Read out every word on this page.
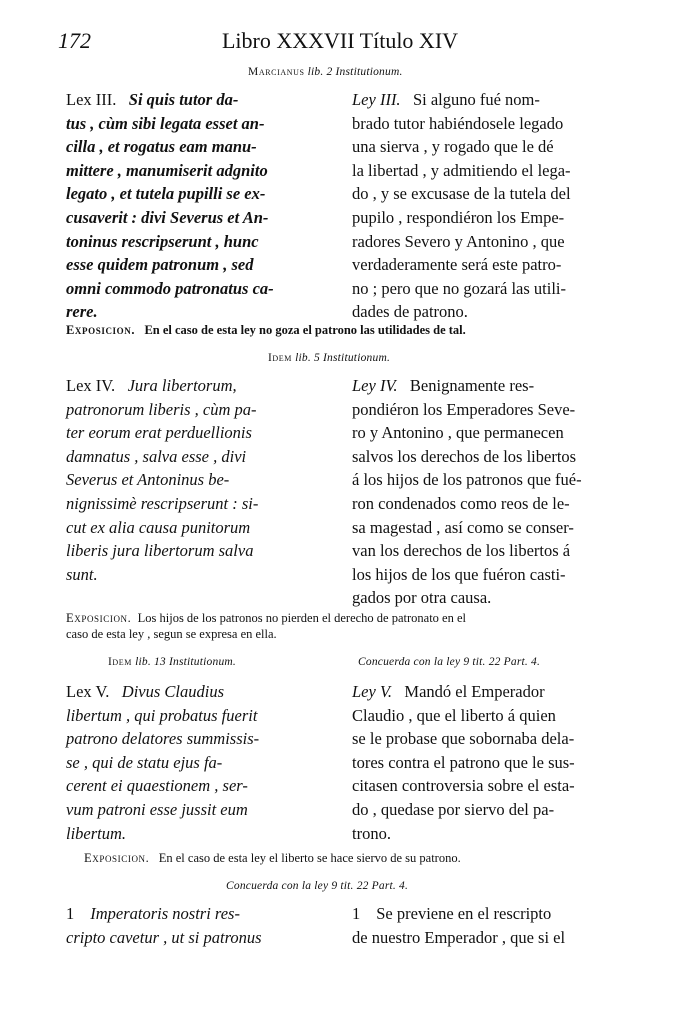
172	Libro XXXVII Título XIV
Marcianus lib. 2 Institutionum.
Lex III. Si quis tutor da-
tus , cùm sibi legata esset an-
cilla , et rogatus eam manu-
mittere , manumiserit adgnito
legato , et tutela pupilli se ex-
cusaverit : divi Severus et An-
toninus rescripserunt , hunc
esse quidem patronum , sed
omni commodo patronatus ca-
rere.
Ley III. Si alguno fué nom-
brado tutor habiéndosele legado
una sierva , y rogado que le dé
la libertad , y admitiendo el lega-
do , y se excusase de la tutela del
pupilo , respondiéron los Empe-
radores Severo y Antonino , que
verdaderamente será este patro-
no ; pero que no gozará las utili-
dades de patrono.
Exposicion. En el caso de esta ley no goza el patrono las utilidades de tal.
Idem lib. 5 Institutionum.
Lex IV. Jura libertorum,
patronorum liberis , cùm pa-
ter eorum erat perduellionis
damnatus , salva esse , divi
Severus et Antoninus be-
nignissimè rescripserunt : si-
cut ex alia causa punitorum
liberis jura libertorum salva
sunt.
Ley IV. Benignamente res-
pondiéron los Emperadores Seve-
ro y Antonino , que permanecen
salvos los derechos de los libertos
á los hijos de los patronos que fué-
ron condenados como reos de le-
sa magestad , así como se conser-
van los derechos de los libertos á
los hijos de los que fuéron casti-
gados por otra causa.
Exposicion. Los hijos de los patronos no pierden el derecho de patronato en el
caso de esta ley , segun se expresa en ella.
Idem lib. 13 Institutionum.	Concuerda con la ley 9 tit. 22 Part. 4.
Lex V. Divus Claudius
libertum , qui probatus fuerit
patrono delatores summissis-
se , qui de statu ejus fa-
cerent ei quaestionem , ser-
vum patroni esse jussit eum
libertum.
Ley V. Mandó el Emperador
Claudio , que el liberto á quien
se le probase que sobornaba dela-
tores contra el patrono que le sus-
citasen controversia sobre el esta-
do , quedase por siervo del pa-
trono.
Exposicion. En el caso de esta ley el liberto se hace siervo de su patrono.
Concuerda con la ley 9 tit. 22 Part. 4.
1 Imperatoris nostri res-
cripto cavetur , ut si patronus
1 Se previene en el rescripto
de nuestro Emperador , que si el
